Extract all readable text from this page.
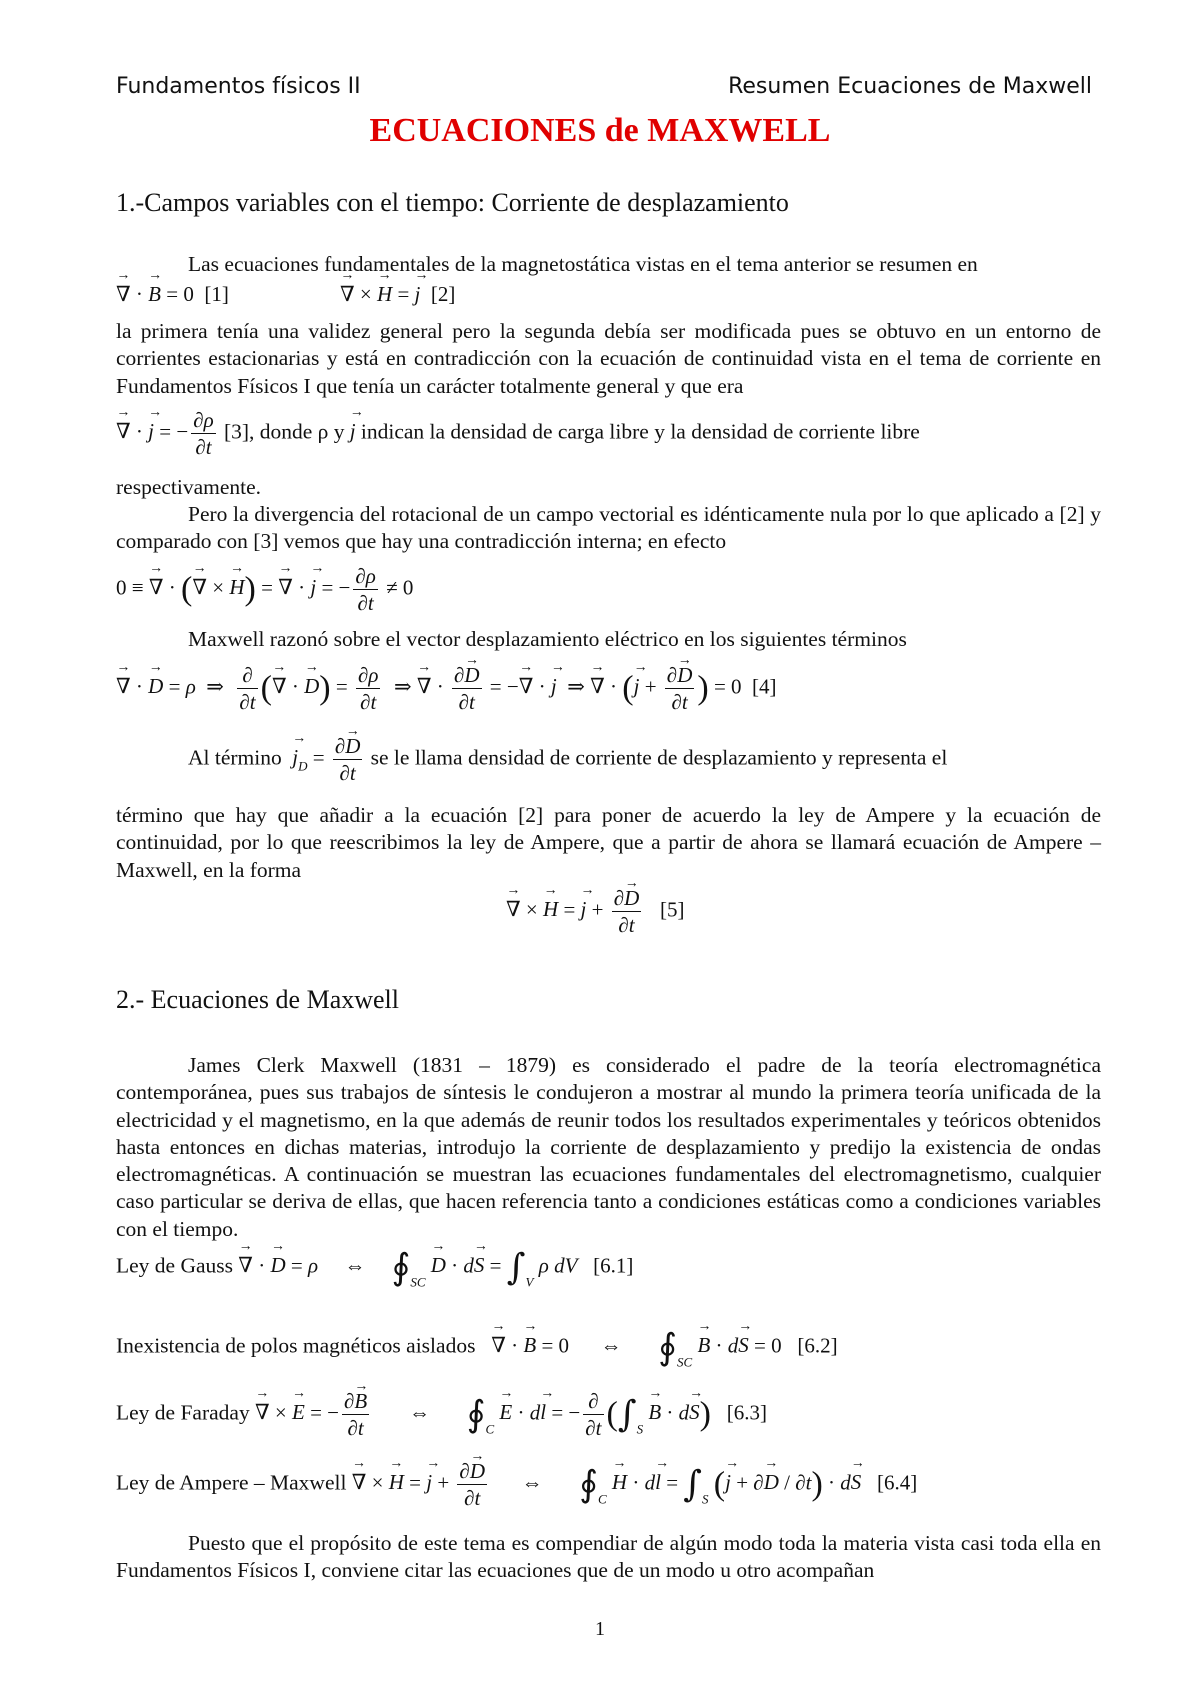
Fundamentos físicos II	Resumen Ecuaciones de Maxwell
ECUACIONES de MAXWELL
1.-Campos variables con el tiempo: Corriente de desplazamiento
Las ecuaciones fundamentales de la magnetostática vistas en el tema anterior se resumen en
→ ∇ · → B = 0  [1]	→ ∇ × → H = → j [2]
la primera tenía una validez general pero la segunda debía ser modificada pues se obtuvo en un entorno de corrientes estacionarias y está en contradicción con la ecuación de continuidad vista en el tema de corriente en Fundamentos Físicos I que tenía un carácter totalmente general y que era
→ ∇ · → j = − $\frac{\partial\rho}{\partial t} [3]$, donde ρ y → j indican la densidad de carga libre y la densidad de corriente libre
respectivamente.
Pero la divergencia del rotacional de un campo vectorial es idénticamente nula por lo que aplicado a [2] y comparado con [3] vemos que hay una contradicción interna; en efecto
0 ≡ → ∇ · (→ ∇ × → H) = → ∇ · → j = − $\frac{\partial\rho}{\partial t} \ne 0$
Maxwell razonó sobre el vector desplazamiento eléctrico en los siguientes términos
→ ∇ · → D = ρ  ⇒ $\frac{\partial}{\partial t}$ (→ ∇ · → $D) = \frac{\partial\rho}{\partial t}$ ⇒ → ∇ · $\frac{\partial\to D}{\partial t}$ = −→ ∇ · → j  ⇒ → ∇ · (→ $j + \frac{\partial\to D}{\partial t}$ ) = 0  [4]
Al término → $j_D = \frac{\partial\to D}{\partial t}$ se le llama densidad de corriente de desplazamiento y representa el
término que hay que añadir a la ecuación [2] para poner de acuerdo la ley de Ampere y la ecuación de continuidad, por lo que reescribimos la ley de Ampere, que a partir de ahora se llamará ecuación de Ampere – Maxwell, en la forma
→ ∇ × → H = → $j + \frac{\partial\to D}{\partial t} [5]$
2.- Ecuaciones de Maxwell
James Clerk Maxwell (1831 – 1879) es considerado el padre de la teoría electromagnética contemporánea, pues sus trabajos de síntesis le condujeron a mostrar al mundo la primera teoría unificada de la electricidad y el magnetismo, en la que además de reunir todos los resultados experimentales y teóricos obtenidos hasta entonces en dichas materias, introdujo la corriente de desplazamiento y predijo la existencia de ondas electromagnéticas. A continuación se muestran las ecuaciones fundamentales del electromagnetismo, cualquier caso particular se deriva de ellas, que hacen referencia tanto a condiciones estáticas como a condiciones variables con el tiempo.
Ley de Gauss → ∇ · → D = ρ     ⇔     $∮_{SC} \to D \cdot d\to S = \int_V$ ρ dV [6.1]
Inexistencia de polos magnéticos aislados → ∇ · → B = 0      ⇔       $∮_{SC} \to B \cdot d\to S = 0$   [6.2]
Ley de Faraday → ∇ × → E = − $\frac{\partial\to B}{\partial t}$ ⇔       $∮_C \to E \cdot d\to l$ = − $\frac{\partial}{\partial t} (\int_S \to B \cdot d\to S)$ [6.3]
Ley de Ampere – Maxwell → ∇ × → H = → $j + \frac{\partial\to D}{\partial t}$ ⇔       $∮_C \to H \cdot d\to l = \int_S$ (→ j + ∂→ D / ∂t) · d→ S [6.4]
Puesto que el propósito de este tema es compendiar de algún modo toda la materia vista casi toda ella en Fundamentos Físicos I, conviene citar las ecuaciones que de un modo u otro acompañan
1
